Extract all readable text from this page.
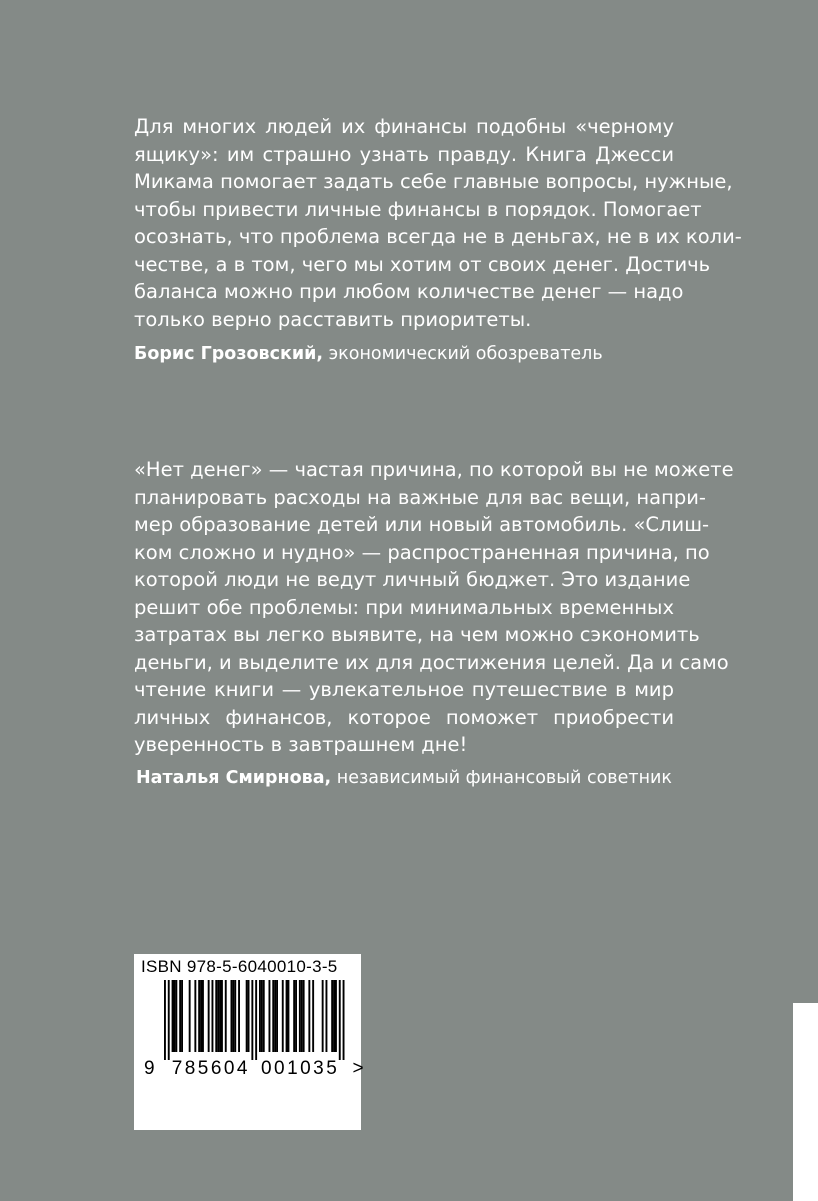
Для многих людей их финансы подобны «черному
ящику»: им страшно узнать правду. Книга Джесси
Микама помогает задать себе главные вопросы, нужные,
чтобы привести личные финансы в порядок. Помогает
осознать, что проблема всегда не в деньгах, не в их коли-
честве, а в том, чего мы хотим от своих денег. Достичь
баланса можно при любом количестве денег — надо
только верно расставить приоритеты.

Борис Грозовский, экономический обозреватель

«Нет денег» — частая причина, по которой вы не можете
планировать расходы на важные для вас вещи, напри-
мер образование детей или новый автомобиль. «Слиш-
ком сложно и нудно» — распространенная причина, по
которой люди не ведут личный бюджет. Это издание
решит обе проблемы: при минимальных временных
затратах вы легко выявите, на чем можно сэкономить
деньги, и выделите их для достижения целей. Да и само
чтение книги — увлекательное путешествие в мир
личных финансов, которое поможет приобрести
уверенность в завтрашнем дне!

Наталья Смирнова, независимый финансовый советник

ISBN 978-5-6040010-3-5
9 785604 001035 >
